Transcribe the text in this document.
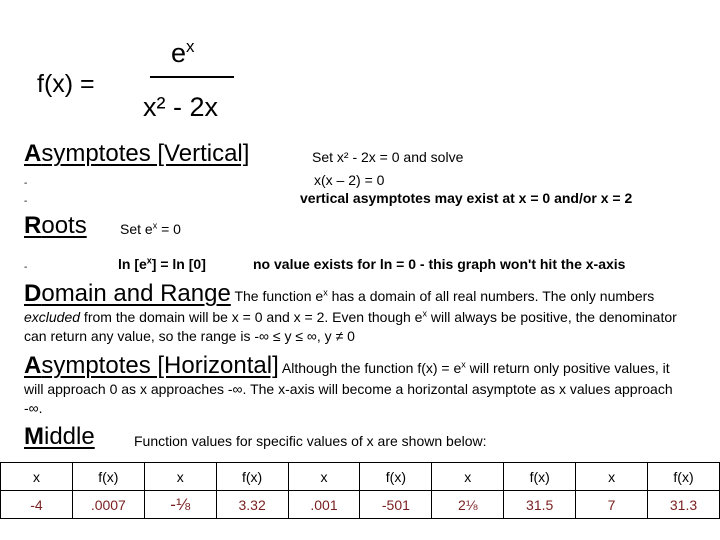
f(x) =
$e^x$
x² - 2x
Asymptotes [Vertical]	Set x² - 2x = 0 and solve
-	x(x – 2) = 0
-	vertical asymptotes may exist at x = 0 and/or x = 2
Roots Set $e^x = 0$
-	$\ln [e^x] = \ln [0]$	no value exists for ln = 0 - this graph won't hit the x-axis
Domain and Range The function $e^x$ has a domain of all real numbers. The only numbers excluded from the domain will be x = 0 and x = 2. Even though $e^x$ will always be positive, the denominator can return any value, so the range is -∞ ≤ y ≤ ∞, y ≠ 0
Asymptotes [Horizontal] Although the function $f(x) = e^x$ will return only positive values, it will approach 0 as x approaches -∞. The x-axis will become a horizontal asymptote as x values approach -∞.
Middle	Function values for specific values of x are shown below:
x	f(x)	x	f(x)	x	f(x)	x	f(x)	x	f(x)
-4	.0007	-⅛	3.32	.001	-501	2⅛	31.5	7	31.3
